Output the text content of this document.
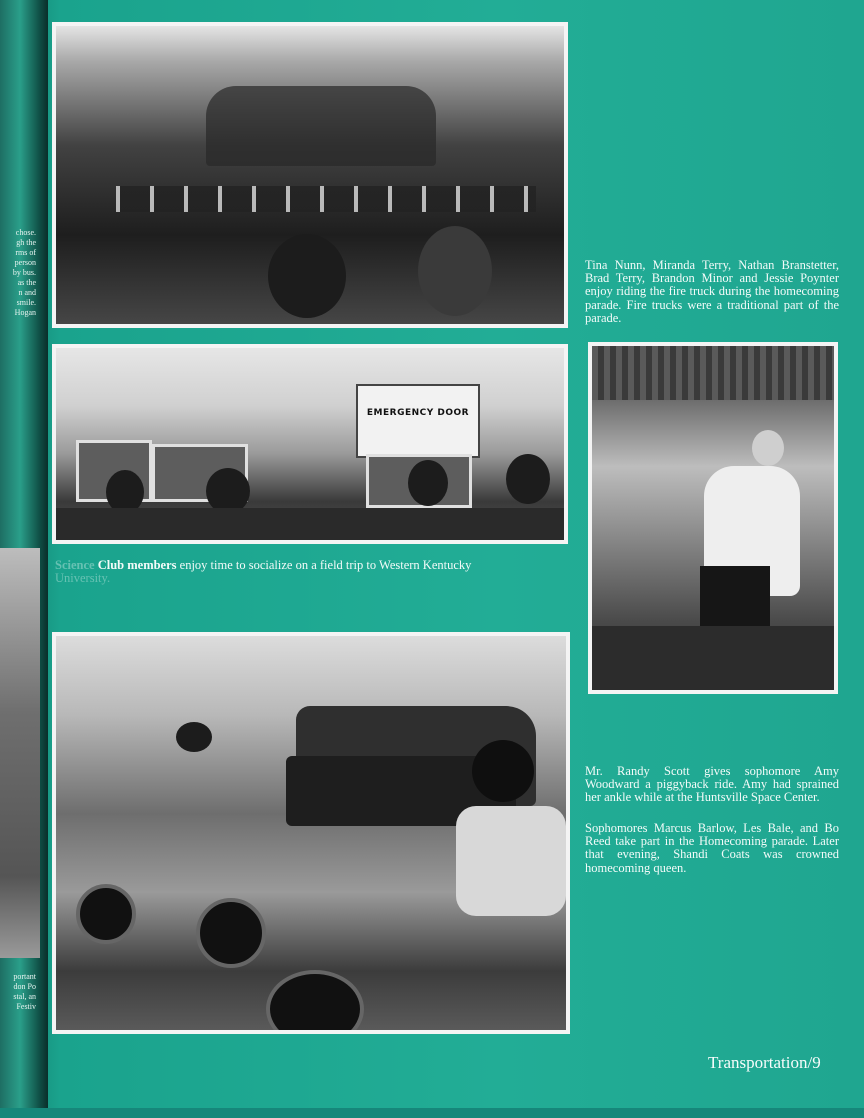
chose.
gh the
rms of
person
by bus.
as the
n and
smile.
Hogan
portant
don Po
stal, an
Festiv
EMERGENCY DOOR
Tina Nunn, Miranda Terry, Nathan Branstetter, Brad Terry, Brandon Minor and Jessie Poynter enjoy riding the fire truck during the homecoming parade. Fire trucks were a traditional part of the parade.
Science Club members enjoy time to socialize on a field trip to Western Kentucky
University.
Mr. Randy Scott gives sophomore Amy Woodward a piggyback ride. Amy had sprained her ankle while at the Huntsville Space Center.
Sophomores Marcus Barlow, Les Bale, and Bo Reed take part in the Homecoming parade. Later that evening, Shandi Coats was crowned homecoming queen.
Transportation/9
